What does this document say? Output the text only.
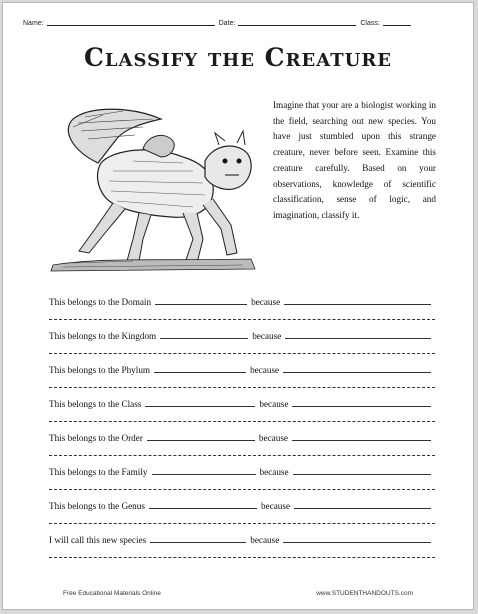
Name:	Date:	Class:
Classify the Creature
Imagine that your are a biologist working in the field, searching out new species. You have just stumbled upon this strange creature, never before seen. Examine this creature carefully. Based on your observations, knowledge of scientific classification, sense of logic, and imagination, classify it.
This belongs to the Domain	because
This belongs to the Kingdom	because
This belongs to the Phylum	because
This belongs to the Class	because
This belongs to the Order	because
This belongs to the Family	because
This belongs to the Genus	because
I will call this new species	because
Free Educational Materials Online	www.STUDENTHANDOUTS.com
